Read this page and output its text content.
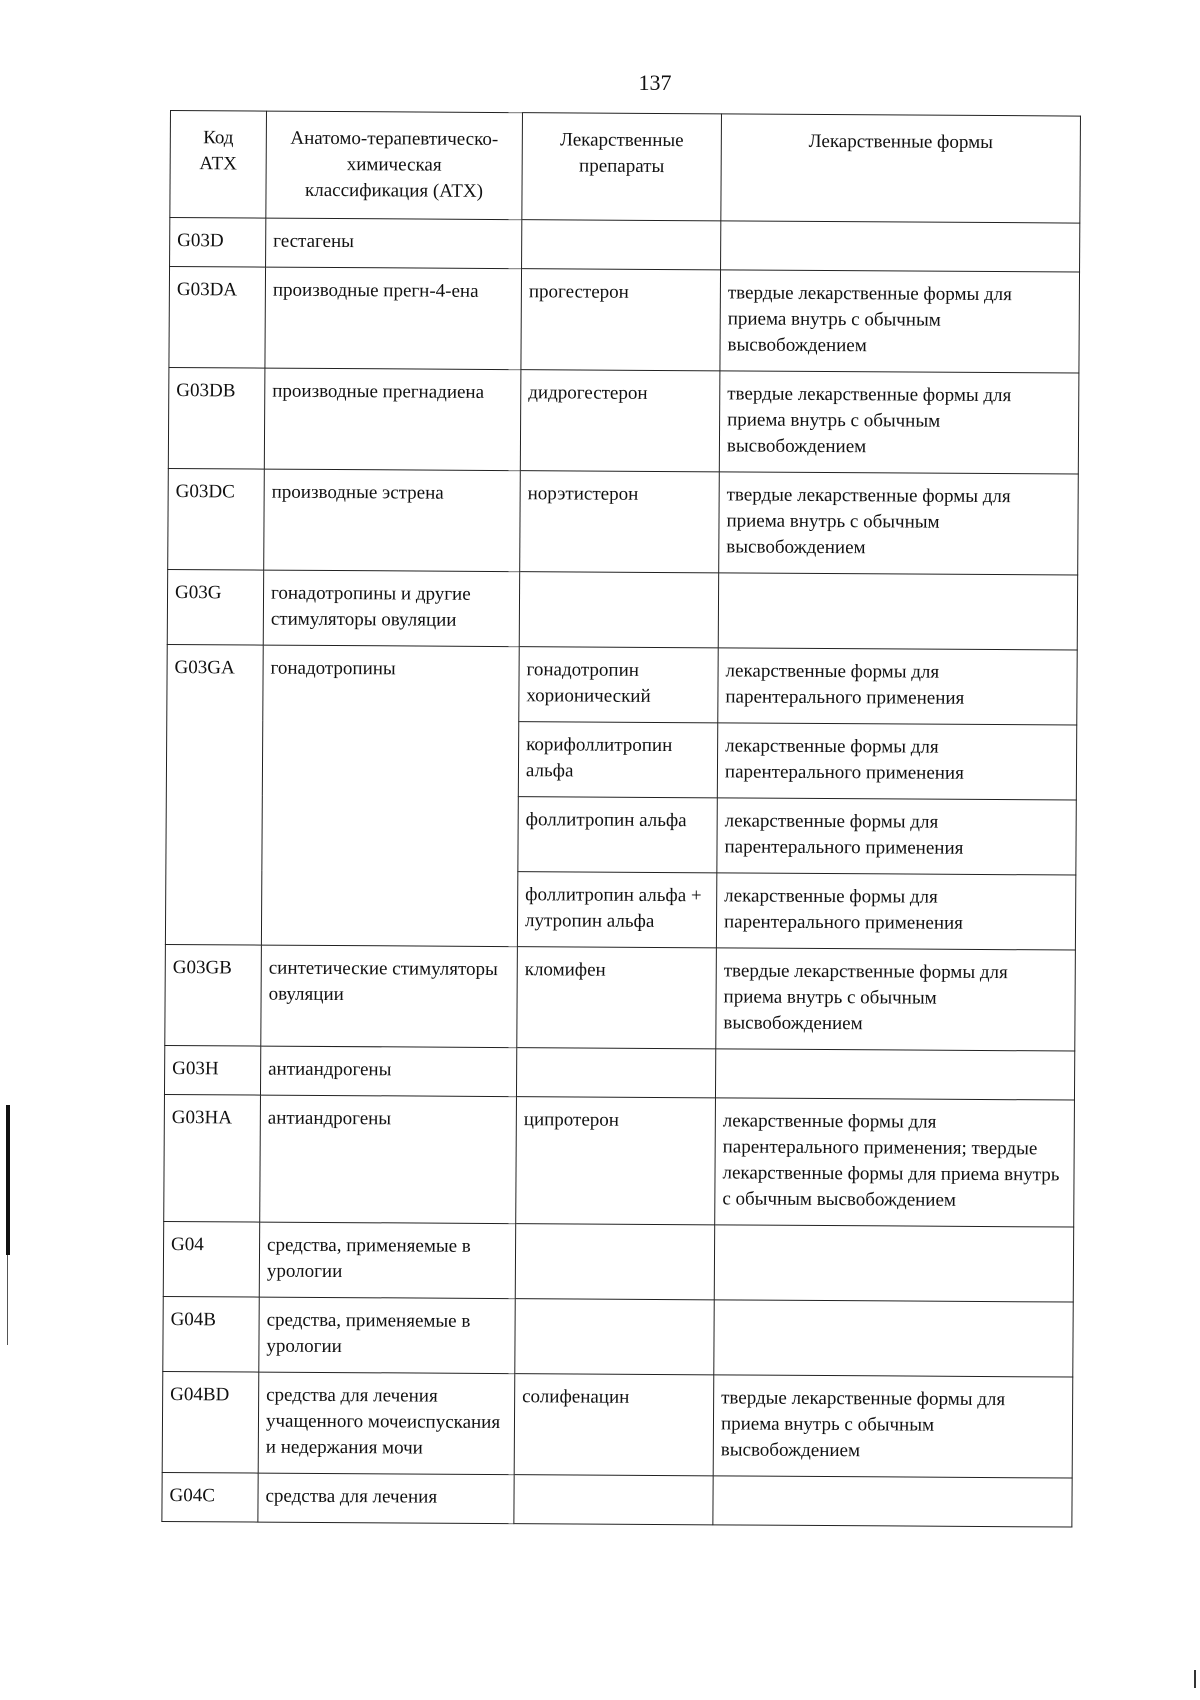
137
Код АТХ	Анатомо-терапевтическо-химическая классификация (АТХ)	Лекарственные препараты	Лекарственные формы
G03D	гестагены		
G03DA	производные прегн-4-ена	прогестерон	твердые лекарственные формы для приема внутрь с обычным высвобождением
G03DB	производные прегнадиена	дидрогестерон	твердые лекарственные формы для приема внутрь с обычным высвобождением
G03DC	производные эстрена	норэтистерон	твердые лекарственные формы для приема внутрь с обычным высвобождением
G03G	гонадотропины и другие стимуляторы овуляции		
G03GA	гонадотропины	гонадотропин хорионический	лекарственные формы для парентерального применения
		корифоллитропин альфа	лекарственные формы для парентерального применения
		фоллитропин альфа	лекарственные формы для парентерального применения
		фоллитропин альфа + лутропин альфа	лекарственные формы для парентерального применения
G03GB	синтетические стимуляторы овуляции	кломифен	твердые лекарственные формы для приема внутрь с обычным высвобождением
G03H	антиандрогены		
G03HA	антиандрогены	ципротерон	лекарственные формы для парентерального применения; твердые лекарственные формы для приема внутрь с обычным высвобождением
G04	средства, применяемые в урологии		
G04B	средства, применяемые в урологии		
G04BD	средства для лечения учащенного мочеиспускания и недержания мочи	солифенацин	твердые лекарственные формы для приема внутрь с обычным высвобождением
G04C	средства для лечения		
